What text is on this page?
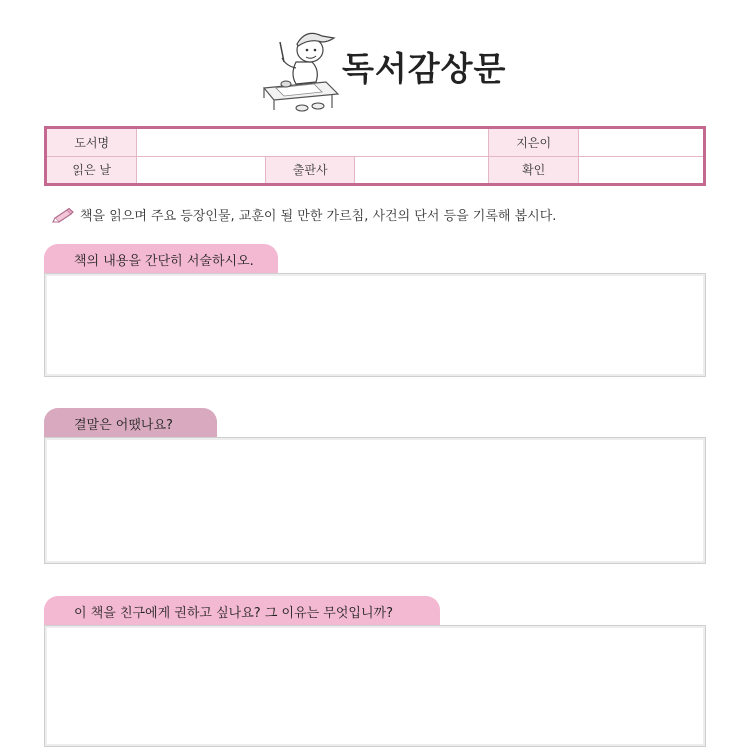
독서감상문
도서명				지은이	
읽은 날		출판사		확인	
책을 읽으며 주요 등장인물, 교훈이 될 만한 가르침, 사건의 단서 등을 기록해 봅시다.
책의 내용을 간단히 서술하시오.
결말은 어땠나요?
이 책을 친구에게 권하고 싶나요? 그 이유는 무엇입니까?
